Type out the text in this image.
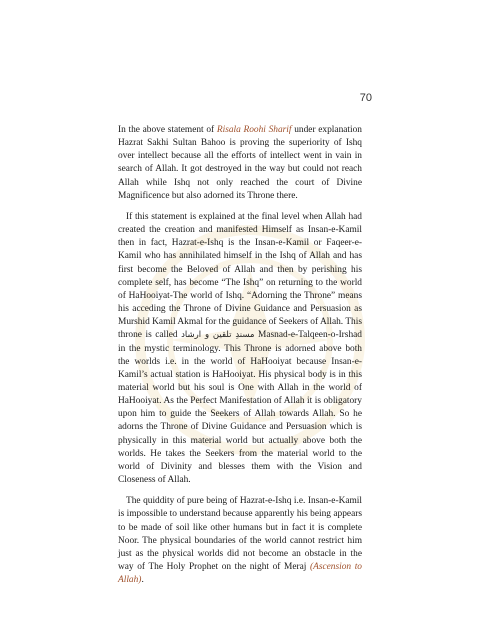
70

In the above statement of Risala Roohi Sharif under explanation Hazrat Sakhi Sultan Bahoo is proving the superiority of Ishq over intellect because all the efforts of intellect went in vain in search of Allah. It got destroyed in the way but could not reach Allah while Ishq not only reached the court of Divine Magnificence but also adorned its Throne there.

If this statement is explained at the final level when Allah had created the creation and manifested Himself as Insan-e-Kamil then in fact, Hazrat-e-Ishq is the Insan-e-Kamil or Faqeer-e-Kamil who has annihilated himself in the Ishq of Allah and has first become the Beloved of Allah and then by perishing his complete self, has become “The Ishq” on returning to the world of HaHooiyat-The world of Ishq. “Adorning the Throne” means his acceding the Throne of Divine Guidance and Persuasion as Murshid Kamil Akmal for the guidance of Seekers of Allah. This throne is called مسندِ تلقین و ارشاد Masnad-e-Talqeen-o-Irshad in the mystic terminology. This Throne is adorned above both the worlds i.e. in the world of HaHooiyat because Insan-e-Kamil’s actual station is HaHooiyat. His physical body is in this material world but his soul is One with Allah in the world of HaHooiyat. As the Perfect Manifestation of Allah it is obligatory upon him to guide the Seekers of Allah towards Allah. So he adorns the Throne of Divine Guidance and Persuasion which is physically in this material world but actually above both the worlds. He takes the Seekers from the material world to the world of Divinity and blesses them with the Vision and Closeness of Allah.

The quiddity of pure being of Hazrat-e-Ishq i.e. Insan-e-Kamil is impossible to understand because apparently his being appears to be made of soil like other humans but in fact it is complete Noor. The physical boundaries of the world cannot restrict him just as the physical worlds did not become an obstacle in the way of The Holy Prophet on the night of Meraj (Ascension to Allah).
